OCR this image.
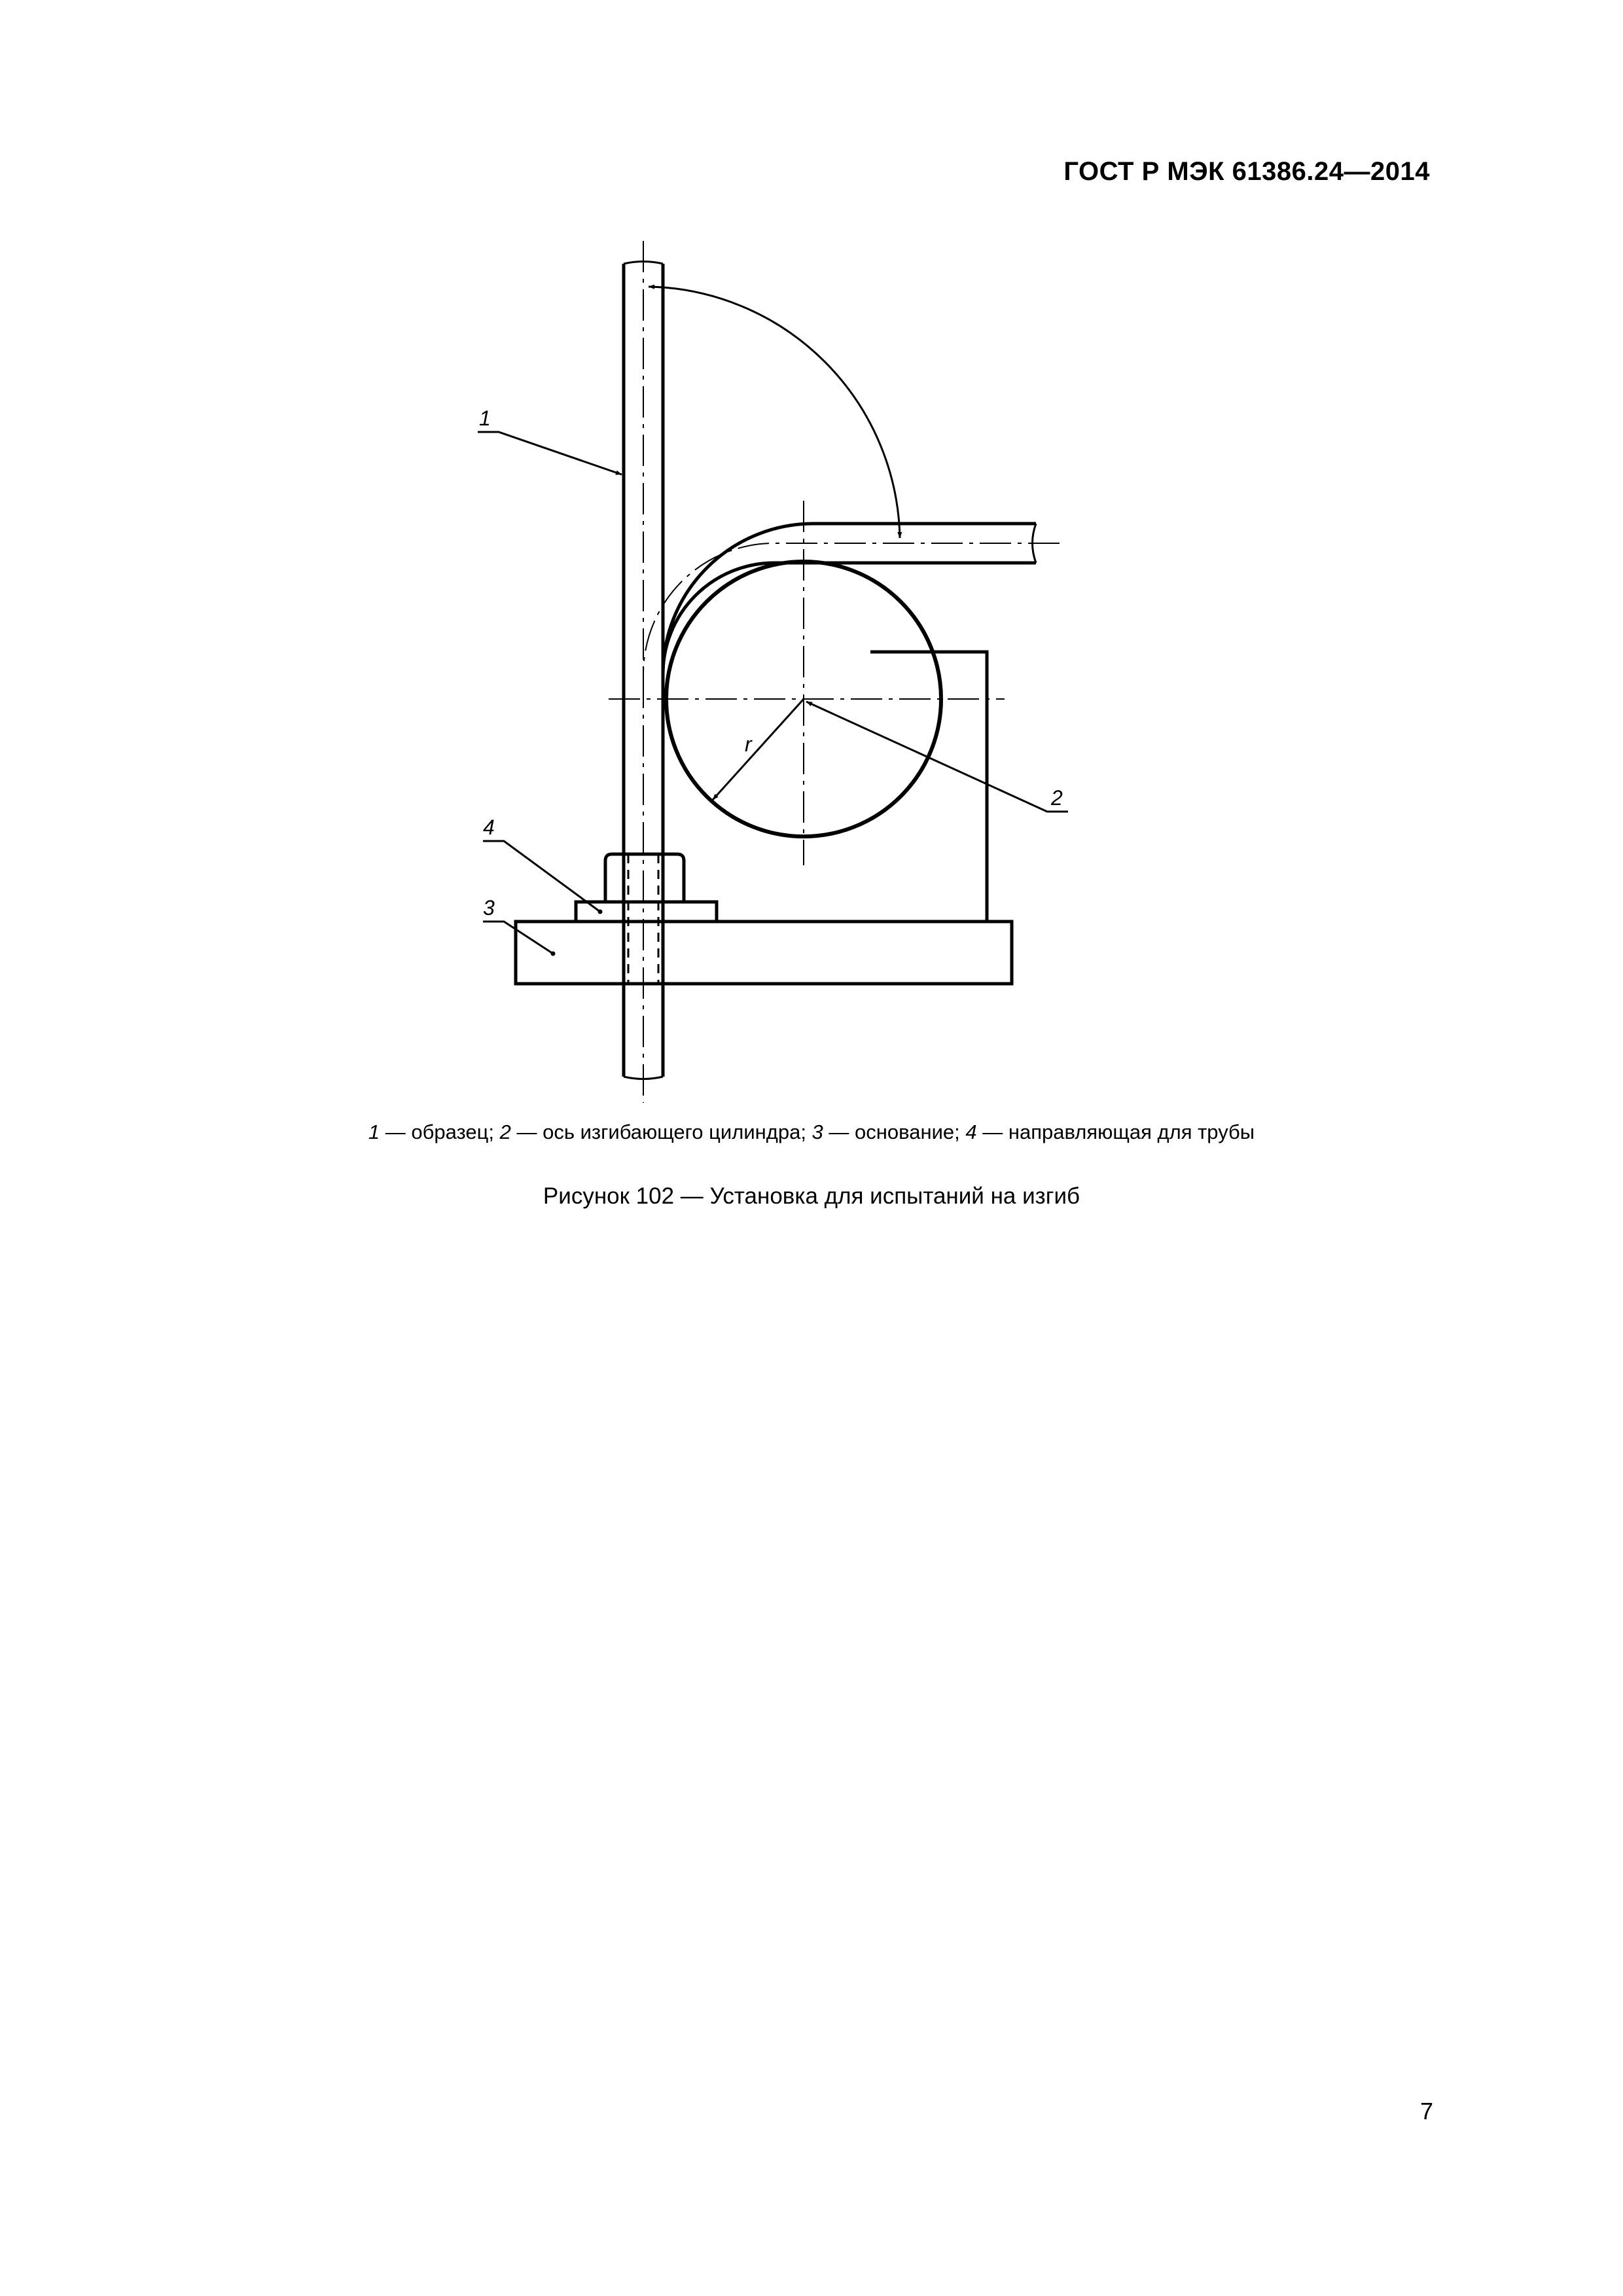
ГОСТ Р МЭК 61386.24—2014
r
1
2
3
4
1 — образец; 2 — ось изгибающего цилиндра; 3 — основание; 4 — направляющая для трубы
Рисунок 102 — Установка для испытаний на изгиб
7
